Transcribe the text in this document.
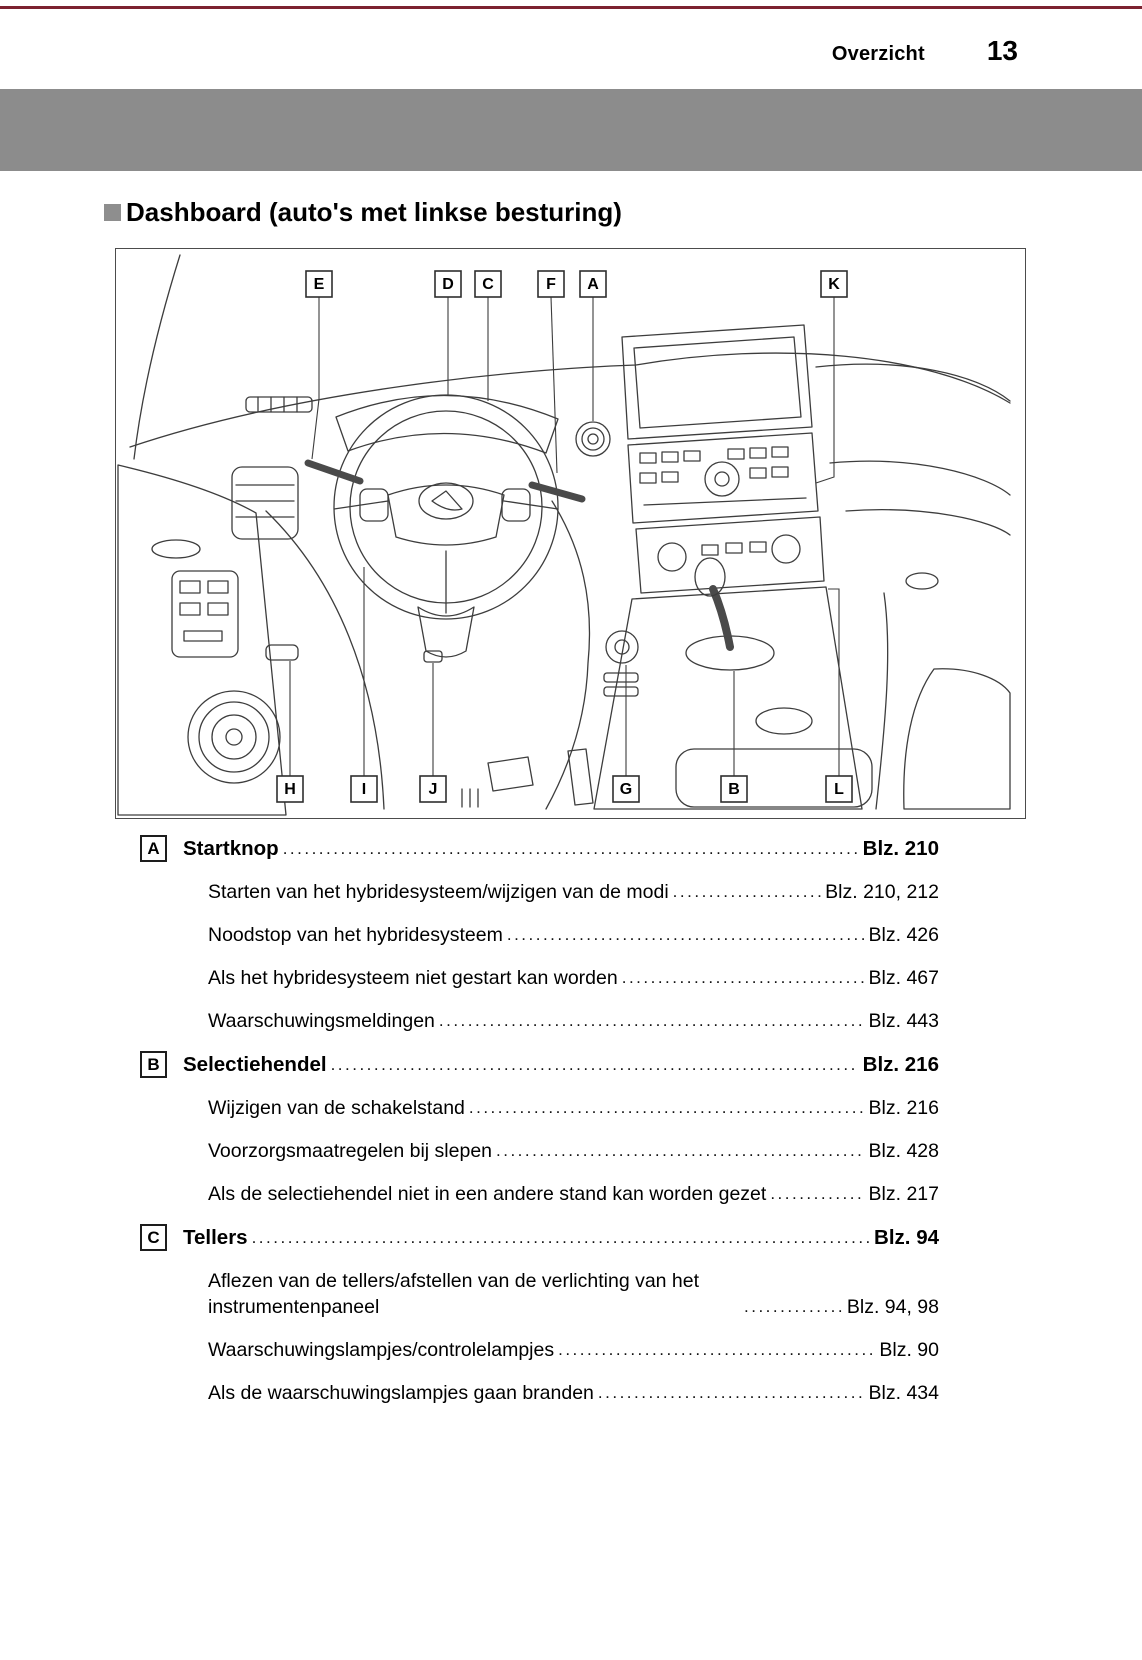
Overzicht 13
Dashboard (auto's met linkse besturing)
E	D C	F A	K
H	I	J	G	B	L
A	Startknop .....	Blz. 210
Starten van het hybridesysteem/wijzigen van de modi .....	Blz. 210, 212
Noodstop van het hybridesysteem .....	Blz. 426
Als het hybridesysteem niet gestart kan worden .....	Blz. 467
Waarschuwingsmeldingen .....	Blz. 443
B	Selectiehendel .....	Blz. 216
Wijzigen van de schakelstand .....	Blz. 216
Voorzorgsmaatregelen bij slepen .....	Blz. 428
Als de selectiehendel niet in een andere stand kan worden gezet .....	Blz. 217
C	Tellers .....	Blz. 94
Aflezen van de tellers/afstellen van de verlichting van het instrumentenpaneel .....	Blz. 94, 98
Waarschuwingslampjes/controlelampjes .....	Blz. 90
Als de waarschuwingslampjes gaan branden .....	Blz. 434
